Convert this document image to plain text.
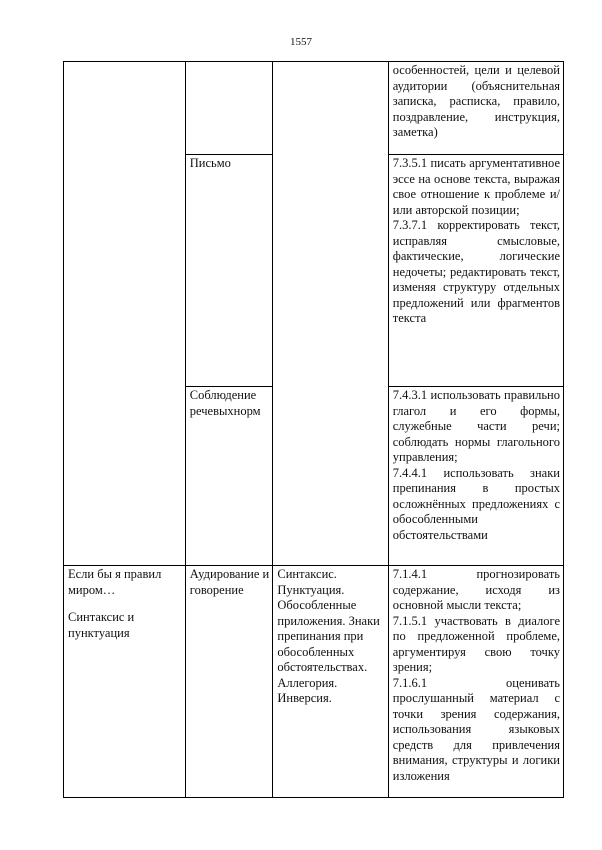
1557

			особенностей, цели и целевой аудитории (объяснительная записка, расписка, правило, поздравление, инструкция, заметка)

	Письмо		7.3.5.1 писать аргументативное эссе на основе текста, выражая свое отношение к проблеме и/или авторской позиции;
7.3.7.1 корректировать текст, исправляя смысловые, фактические, логические недочеты; редактировать текст, изменяя структуру отдельных предложений или фрагментов текста

	Соблюдение речевыхнорм		7.4.3.1 использовать правильно глагол и его формы, служебные части речи; соблюдать нормы глагольного управления;
7.4.4.1 использовать знаки препинания в простых осложнённых предложениях с обособленными обстоятельствами

Если бы я правил миром…
Синтаксис и пунктуация	Аудирование и говорение	Синтаксис. Пунктуация. Обособленные приложения. Знаки препинания при обособленных обстоятельствах. Аллегория. Инверсия.	7.1.4.1 прогнозировать содержание, исходя из основной мысли текста;
7.1.5.1 участвовать в диалоге по предложенной проблеме, аргументируя свою точку зрения;
7.1.6.1 оценивать прослушанный материал с точки зрения содержания, использования языковых средств для привлечения внимания, структуры и логики изложения
